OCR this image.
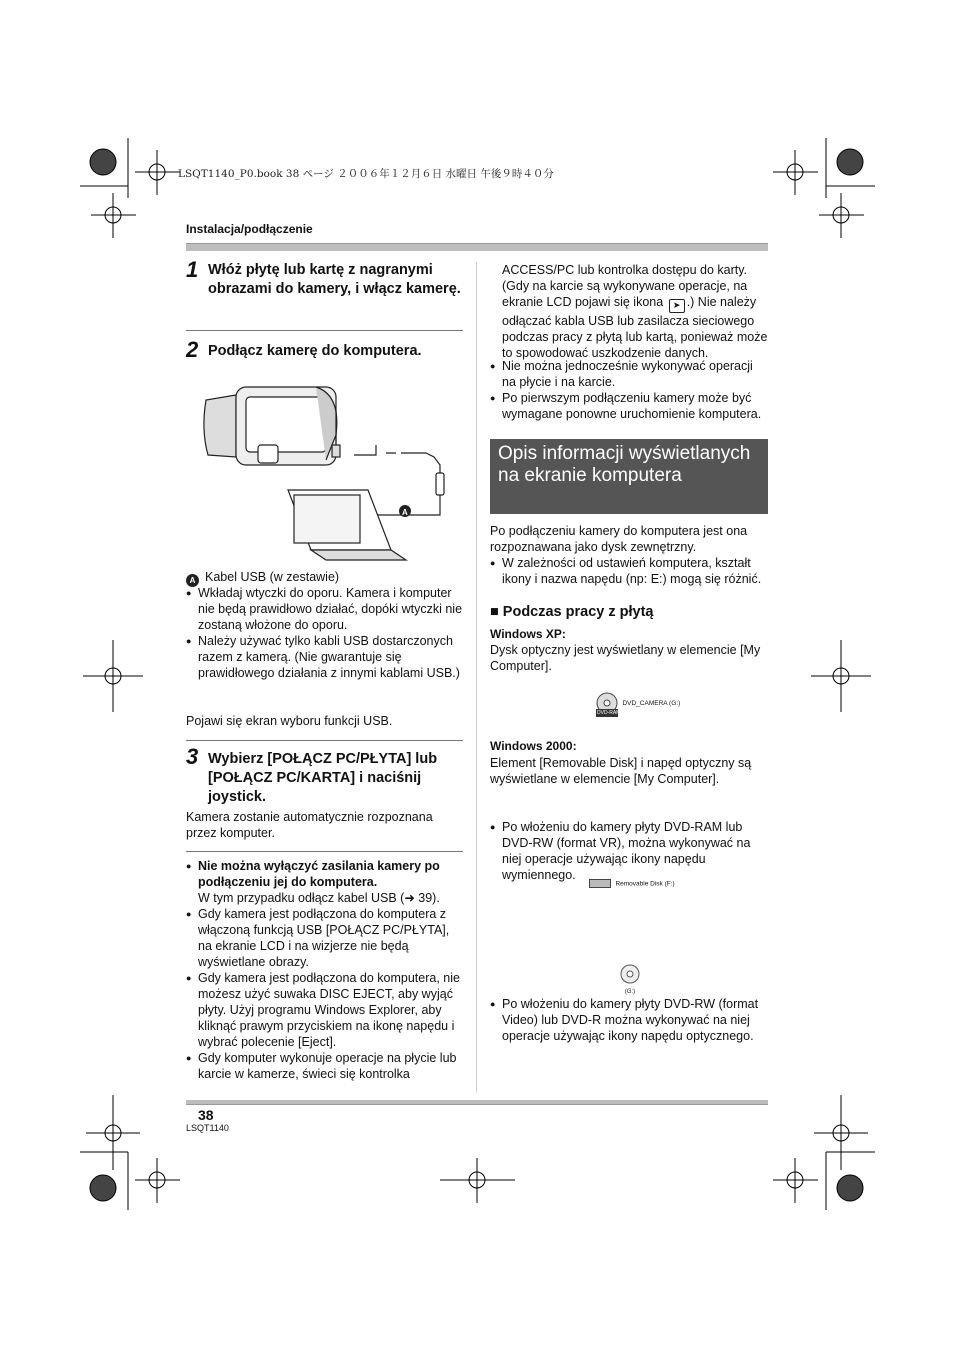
LSQT1140_P0.book 38 ページ ２００６年１２月６日 水曜日 午後９時４０分
Instalacja/podłączenie
1 Włóż płytę lub kartę z nagranymi obrazami do kamery, i włącz kamerę.
2 Podłącz kamerę do komputera.
A
A Kabel USB (w zestawie)
● Wkładaj wtyczki do oporu. Kamera i komputer nie będą prawidłowo działać, dopóki wtyczki nie zostaną włożone do oporu.
● Należy używać tylko kabli USB dostarczonych razem z kamerą. (Nie gwarantuje się prawidłowego działania z innymi kablami USB.)
Pojawi się ekran wyboru funkcji USB.
3 Wybierz [POŁĄCZ PC/PŁYTA] lub [POŁĄCZ PC/KARTA] i naciśnij joystick.
Kamera zostanie automatycznie rozpoznana przez komputer.
● Nie można wyłączyć zasilania kamery po podłączeniu jej do komputera.
W tym przypadku odłącz kabel USB (➜ 39).
● Gdy kamera jest podłączona do komputera z włączoną funkcją USB [POŁĄCZ PC/PŁYTA], na ekranie LCD i na wizjerze nie będą wyświetlane obrazy.
● Gdy kamera jest podłączona do komputera, nie możesz użyć suwaka DISC EJECT, aby wyjąć płyty. Użyj programu Windows Explorer, aby kliknąć prawym przyciskiem na ikonę napędu i wybrać polecenie [Eject].
● Gdy komputer wykonuje operacje na płycie lub karcie w kamerze, świeci się kontrolka
ACCESS/PC lub kontrolka dostępu do karty. (Gdy na karcie są wykonywane operacje, na ekranie LCD pojawi się ikona ➤ .) Nie należy odłączać kabla USB lub zasilacza sieciowego podczas pracy z płytą lub kartą, ponieważ może to spowodować uszkodzenie danych.
● Nie można jednocześnie wykonywać operacji na płycie i na karcie.
● Po pierwszym podłączeniu kamery może być wymagane ponowne uruchomienie komputera.
Opis informacji wyświetlanych na ekranie komputera
Po podłączeniu kamery do komputera jest ona rozpoznawana jako dysk zewnętrzny.
● W zależności od ustawień komputera, kształt ikony i nazwa napędu (np: E:) mogą się różnić.
■ Podczas pracy z płytą
Windows XP:
Dysk optyczny jest wyświetlany w elemencie [My Computer].

DVD-RAM
$^{DVD\_CAMERA (G:)}$
Windows 2000:
Element [Removable Disk] i napęd optyczny są wyświetlane w elemencie [My Computer].
● Po włożeniu do kamery płyty DVD-RAM lub DVD-RW (format VR), można wykonywać na niej operacje używając ikony napędu wymiennego.
Removable Disk (F:)
● Po włożeniu do kamery płyty DVD-RW (format Video) lub DVD-R można wykonywać na niej operacje używając ikony napędu optycznego.
(G:)
38
LSQT1140
